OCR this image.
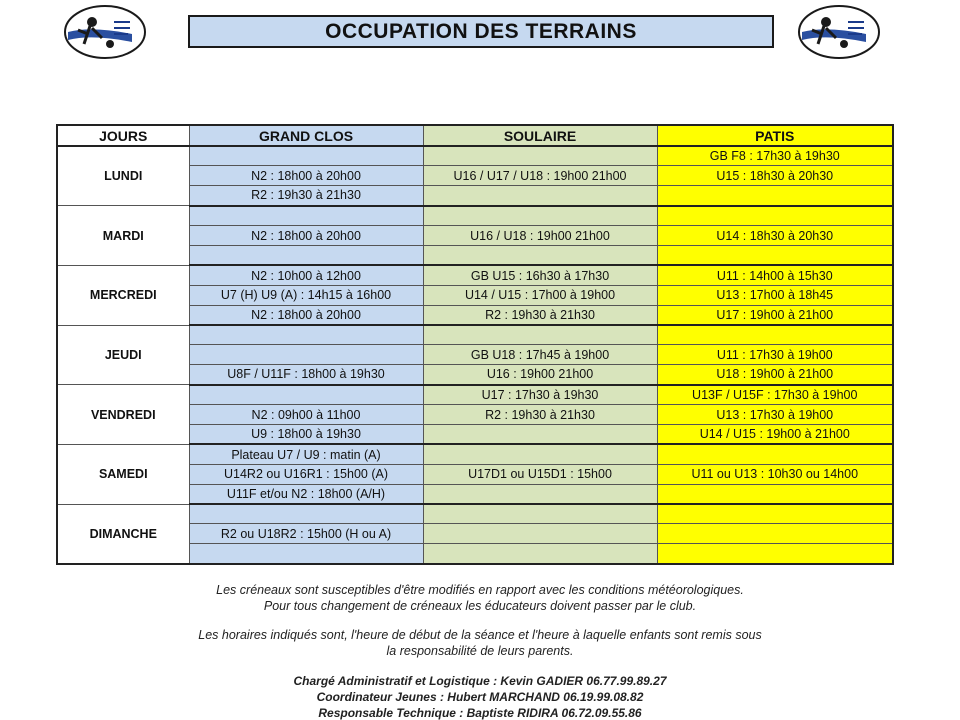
OCCUPATION DES TERRAINS
JOURS	GRAND CLOS	SOULAIRE	PATIS
LUNDI			GB F8 : 17h30 à 19h30
	N2 : 18h00 à 20h00	U16 / U17 / U18 : 19h00 21h00	U15 : 18h30 à 20h30
	R2 : 19h30 à 21h30		
MARDI			
	N2 : 18h00 à 20h00	U16 / U18 : 19h00 21h00	U14 : 18h30 à 20h30

MERCREDI	N2 : 10h00 à 12h00	GB U15 : 16h30 à 17h30	U11 : 14h00 à 15h30
	U7 (H) U9 (A) : 14h15 à 16h00	U14 / U15 : 17h00 à 19h00	U13 : 17h00 à 18h45
	N2 : 18h00 à 20h00	R2 : 19h30 à 21h30	U17 : 19h00 à 21h00
JEUDI			
		GB U18 : 17h45 à 19h00	U11 : 17h30 à 19h00
	U8F / U11F : 18h00 à 19h30	U16 : 19h00 21h00	U18 : 19h00 à 21h00
VENDREDI		U17 : 17h30 à 19h30	U13F / U15F : 17h30 à 19h00
	N2 : 09h00 à 11h00	R2 : 19h30 à 21h30	U13 : 17h30 à 19h00
	U9 : 18h00 à 19h30		U14 / U15 : 19h00 à 21h00
SAMEDI	Plateau U7 / U9 : matin (A)		
	U14R2 ou U16R1 : 15h00 (A)	U17D1 ou U15D1 : 15h00	U11 ou U13 : 10h30 ou 14h00
	U11F et/ou N2 : 18h00 (A/H)		
DIMANCHE			
	R2 ou U18R2 : 15h00 (H ou A)		

Les créneaux sont susceptibles d'être modifiés en rapport avec les conditions météorologiques.
Pour tous changement de créneaux les éducateurs doivent passer par le club.
Les horaires indiqués sont, l'heure de début de la séance et l'heure à laquelle enfants sont remis sous
la responsabilité de leurs parents.
Chargé Administratif et Logistique : Kevin GADIER 06.77.99.89.27
Coordinateur Jeunes : Hubert MARCHAND 06.19.99.08.82
Responsable Technique : Baptiste RIDIRA 06.72.09.55.86
